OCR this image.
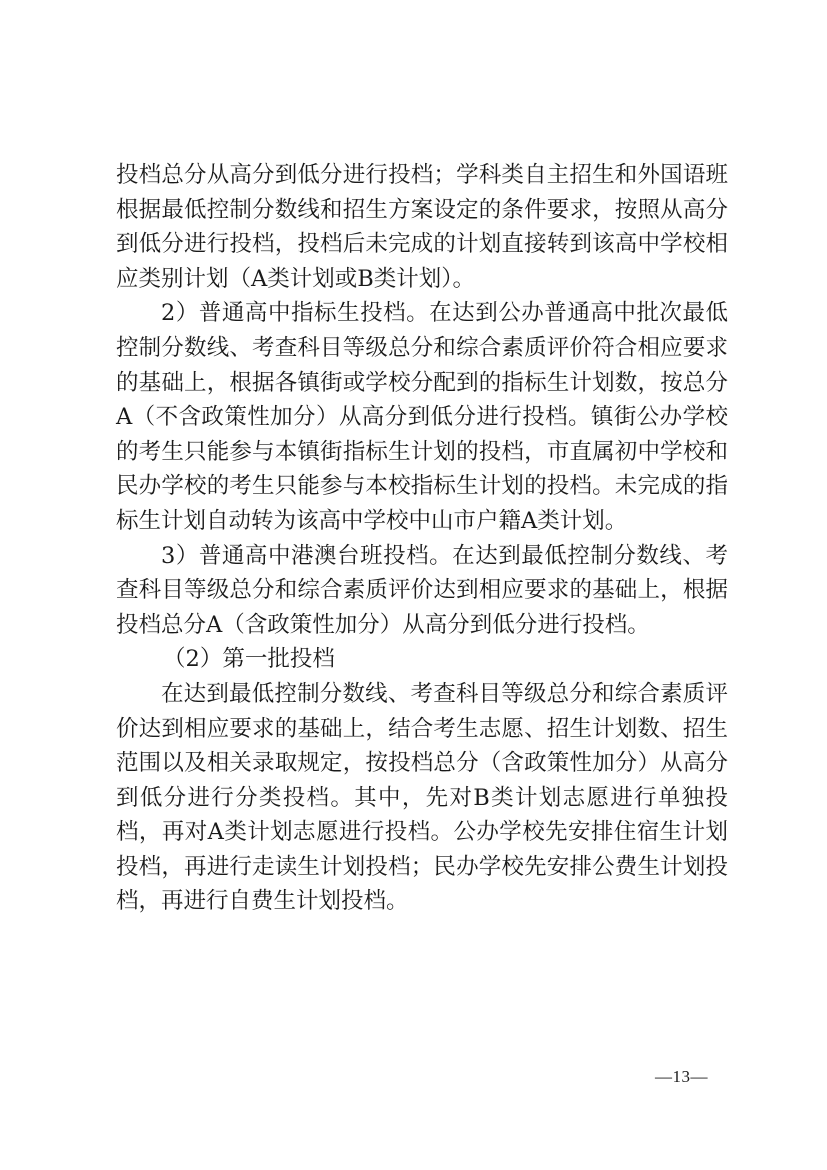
投档总分从高分到低分进行投档；学科类自主招生和外国语班根据最低控制分数线和招生方案设定的条件要求，按照从高分到低分进行投档，投档后未完成的计划直接转到该高中学校相应类别计划（A类计划或B类计划）。

2）普通高中指标生投档。在达到公办普通高中批次最低控制分数线、考查科目等级总分和综合素质评价符合相应要求的基础上，根据各镇街或学校分配到的指标生计划数，按总分A（不含政策性加分）从高分到低分进行投档。镇街公办学校的考生只能参与本镇街指标生计划的投档，市直属初中学校和民办学校的考生只能参与本校指标生计划的投档。未完成的指标生计划自动转为该高中学校中山市户籍A类计划。

3）普通高中港澳台班投档。在达到最低控制分数线、考查科目等级总分和综合素质评价达到相应要求的基础上，根据投档总分A（含政策性加分）从高分到低分进行投档。

（2）第一批投档

在达到最低控制分数线、考查科目等级总分和综合素质评价达到相应要求的基础上，结合考生志愿、招生计划数、招生范围以及相关录取规定，按投档总分（含政策性加分）从高分到低分进行分类投档。其中，先对B类计划志愿进行单独投档，再对A类计划志愿进行投档。公办学校先安排住宿生计划投档，再进行走读生计划投档；民办学校先安排公费生计划投档，再进行自费生计划投档。

—13—
